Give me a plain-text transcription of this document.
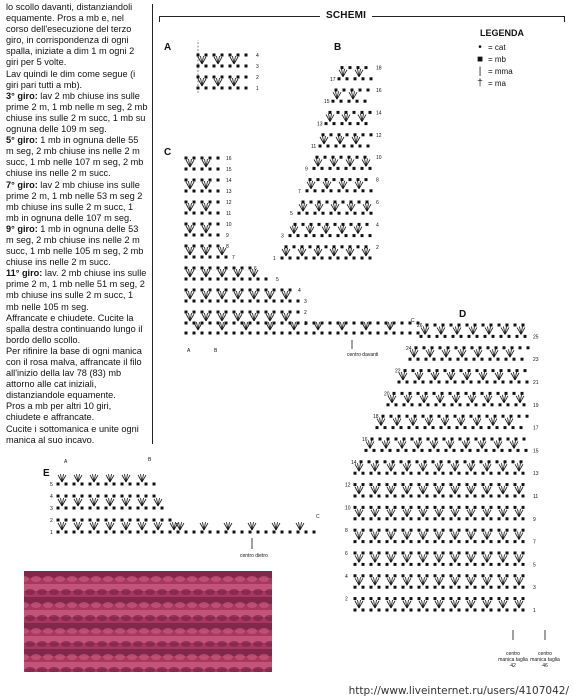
lo scollo davanti, distanziandoli equamente. Pros a mb e, nel corso dell'esecuzione del terzo giro, in corrispondenza di ogni spalla, iniziate a dim 1 m ogni 2 giri per 5 volte.

Lav quindi le dim come segue (i giri pari tutti a mb).

3° giro: lav 2 mb chiuse ins sulle prime 2 m, 1 mb nelle m seg, 2 mb chiuse ins sulle 2 m succ, 1 mb su ognuna delle 109 m seg.

5° giro: 1 mb in ognuna delle 55 m seg, 2 mb chiuse ins nelle 2 m succ, 1 mb nelle 107 m seg, 2 mb chiuse ins nelle 2 m succ.

7° giro: lav 2 mb chiuse ins sulle prime 2 m, 1 mb nelle 53 m seg 2 mb chiuse ins sulle 2 m succ, 1 mb in ognuna delle 107 m seg.

9° giro: 1 mb in ognuna delle 53 m seg, 2 mb chiuse ins nelle 2 m succ, 1 mb nelle 105 m seg, 2 mb chiuse ins nelle 2 m succ.

11° giro: lav. 2 mb chiuse ins sulle prime 2 m, 1 mb nelle 51 m seg, 2 mb chiuse ins sulle 2 m succ, 1 mb nelle 105 m seg.

Affrancate e chiudete. Cucite la spalla destra continuando lungo il bordo dello scollo.

Per rifinire la base di ogni manica con il rosa malva, affrancate il filo all'inizio della lav 78 (83) mb attorno alle cat iniziali, distanziandole equamente.

Pros a mb per altri 10 giri, chiudete e affrancate.

Cucite i sottomanica e unite ogni manica al suo incavo.

SCHEMI
LEGENDA
• = cat
■ = mb
| = mma
† = ma
A	B
C
D
E
A	B
C
centro davanti
centro manica taglia 42
centro manica taglia 46
A	B
C
centro dietro
1
2
3
4
1
2
3
4
5
6
7
8
9
10
11
12
13
14
15
16
17
18
2
3
4
5
6
7
8
9
10
11
12
13
14
15
16
1
2
3
4
5
6
7
8
9
10
11
12
13
14
15
16
17
18
19
20
21
22
23
24
25
26
1
2
3
4
5
http://www.liveinternet.ru/users/4107042/
